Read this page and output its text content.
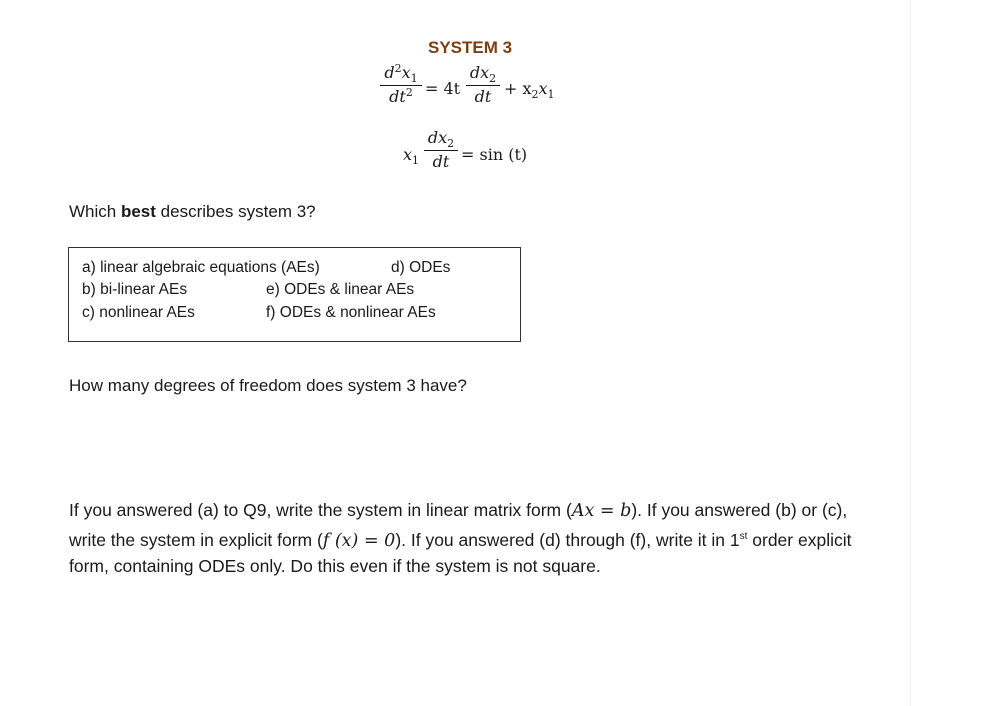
SYSTEM 3
$d^2x_1$
$dt^2 = 4t$
$dx_2$
dt + $x_2x_1$
$x_1$
$dx_2$
dt = sin (t)
Which best describes system 3?
a) linear algebraic equations (AEs)
b) bi-linear AEs
c) nonlinear AEs
d) ODEs
e) ODEs & linear AEs
f) ODEs & nonlinear AEs
How many degrees of freedom does system 3 have?
If you answered (a) to Q9, write the system in linear matrix form (Ax = b). If you answered (b) or (c), write the system in explicit form (f (x) = 0). If you answered (d) through (f), write it in 1st order explicit form, containing ODEs only. Do this even if the system is not square.
